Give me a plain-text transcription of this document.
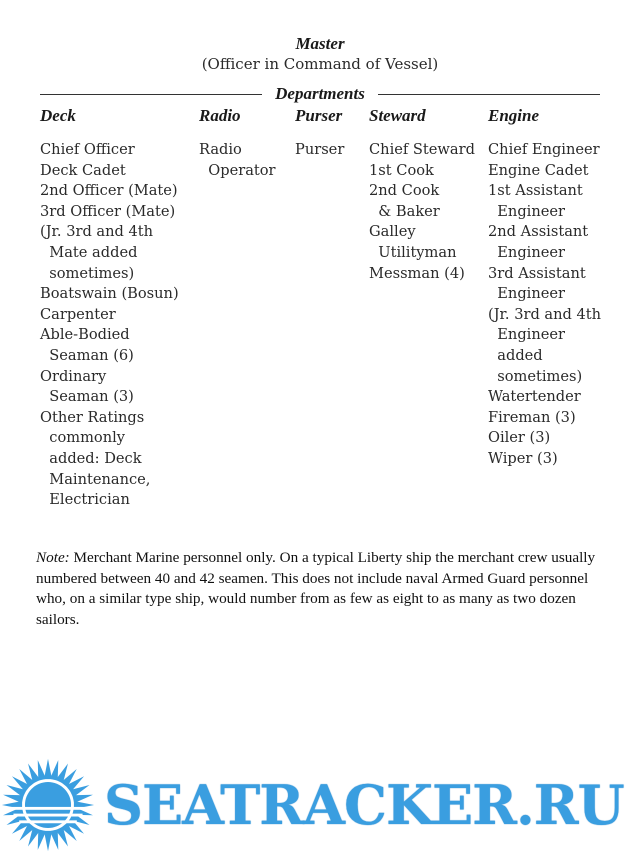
Master
(Officer in Command of Vessel)
Departments
Deck
Chief Officer
Deck Cadet
2nd Officer (Mate)
3rd Officer (Mate)
(Jr. 3rd and 4th
Mate added
sometimes)
Boatswain (Bosun)
Carpenter
Able-Bodied
Seaman (6)
Ordinary
Seaman (3)
Other Ratings
commonly
added: Deck
Maintenance,
Electrician
Radio
Radio
Operator
Purser
Purser
Steward
Chief Steward
1st Cook
2nd Cook
& Baker
Galley
Utilityman
Messman (4)
Engine
Chief Engineer
Engine Cadet
1st Assistant
Engineer
2nd Assistant
Engineer
3rd Assistant
Engineer
(Jr. 3rd and 4th
Engineer
added
sometimes)
Watertender
Fireman (3)
Oiler (3)
Wiper (3)

Note: Merchant Marine personnel only. On a typical Liberty ship the merchant crew usually numbered between 40 and 42 seamen. This does not include naval Armed Guard personnel who, on a similar type ship, would number from as few as eight to as many as two dozen sailors.

SEATRACKER.RU
